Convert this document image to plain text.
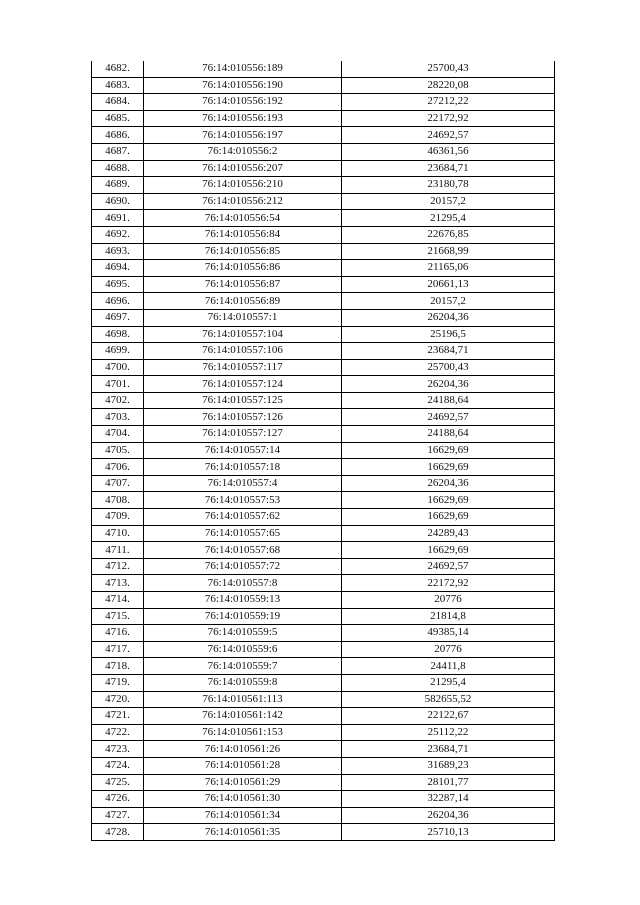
4682.	76:14:010556:189	25700,43
4683.	76:14:010556:190	28220,08
4684.	76:14:010556:192	27212,22
4685.	76:14:010556:193	22172,92
4686.	76:14:010556:197	24692,57
4687.	76:14:010556:2	46361,56
4688.	76:14:010556:207	23684,71
4689.	76:14:010556:210	23180,78
4690.	76:14:010556:212	20157,2
4691.	76:14:010556:54	21295,4
4692.	76:14:010556:84	22676,85
4693.	76:14:010556:85	21668,99
4694.	76:14:010556:86	21165,06
4695.	76:14:010556:87	20661,13
4696.	76:14:010556:89	20157,2
4697.	76:14:010557:1	26204,36
4698.	76:14:010557:104	25196,5
4699.	76:14:010557:106	23684,71
4700.	76:14:010557:117	25700,43
4701.	76:14:010557:124	26204,36
4702.	76:14:010557:125	24188,64
4703.	76:14:010557:126	24692,57
4704.	76:14:010557:127	24188,64
4705.	76:14:010557:14	16629,69
4706.	76:14:010557:18	16629,69
4707.	76:14:010557:4	26204,36
4708.	76:14:010557:53	16629,69
4709.	76:14:010557:62	16629,69
4710.	76:14:010557:65	24289,43
4711.	76:14:010557:68	16629,69
4712.	76:14:010557:72	24692,57
4713.	76:14:010557:8	22172,92
4714.	76:14:010559:13	20776
4715.	76:14:010559:19	21814,8
4716.	76:14:010559:5	49385,14
4717.	76:14:010559:6	20776
4718.	76:14:010559:7	24411,8
4719.	76:14:010559:8	21295,4
4720.	76:14:010561:113	582655,52
4721.	76:14:010561:142	22122,67
4722.	76:14:010561:153	25112,22
4723.	76:14:010561:26	23684,71
4724.	76:14:010561:28	31689,23
4725.	76:14:010561:29	28101,77
4726.	76:14:010561:30	32287,14
4727.	76:14:010561:34	26204,36
4728.	76:14:010561:35	25710,13
